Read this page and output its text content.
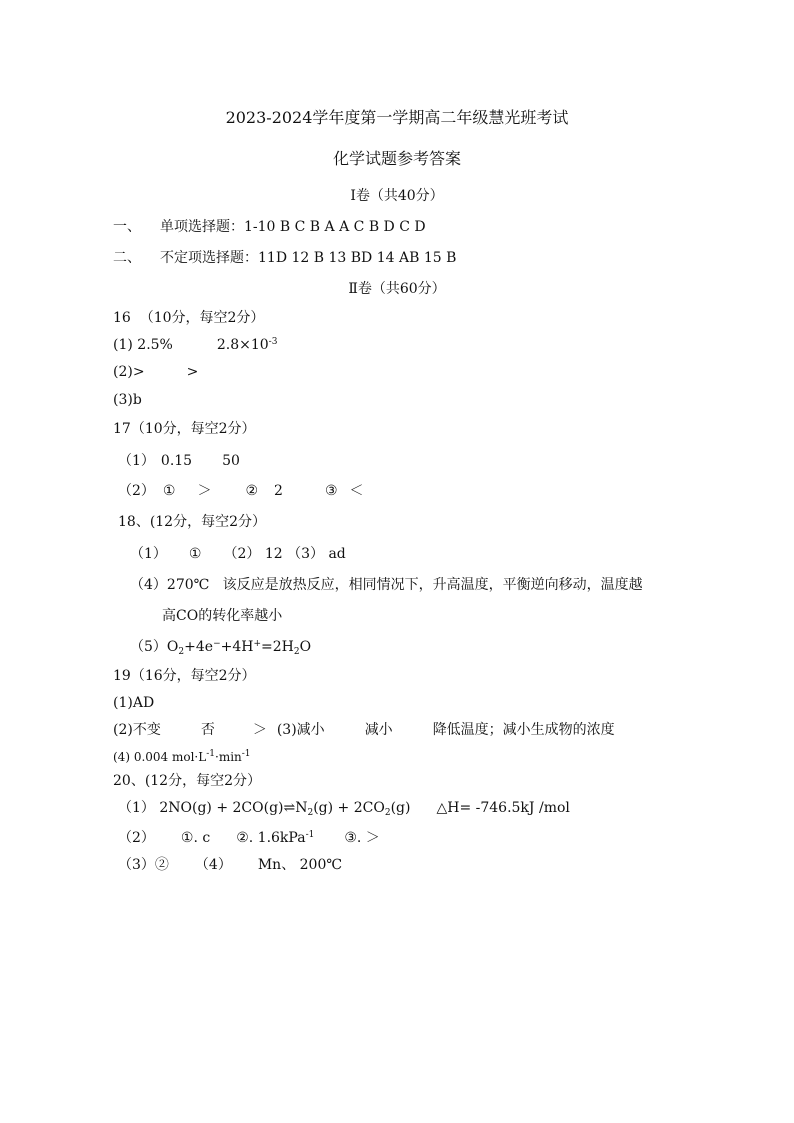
2023-2024学年度第一学期高二年级慧光班考试
化学试题参考答案
Ⅰ卷（共40分）
一、 单项选择题：1-10 B C B A A C B D C D
二、 不定项选择题：11D 12 B 13 BD 14 AB 15 B
Ⅱ卷（共60分）
16  （10分，每空2分）
(1) 2.5%	$2.8\times 10^{-3}$
(2)>	>
(3)b
17（10分，每空2分）
（1） 0.15 50
（2） ① ＞ ② 2	③ ＜
18、(12分，每空2分）
（1） ① （2） 12 （3） ad
（4）270℃   该反应是放热反应，相同情况下，升高温度，平衡逆向移动，温度越
高CO的转化率越小
$(5)O_2+4e^-+4H^+=2H_2O$
19（16分，每空2分）
(1)AD
(2)不变	否	＞ (3)减小	减小	降低温度；减小生成物的浓度
(4) 0.004 $mol\cdot L^{-1}\cdot\min^{-1}$
20、(12分，每空2分）
（1） $2NO(g) + 2CO(g)\rightleftharpoons N_2(g) + 2CO_2(g)$ △H= -746.5kJ /mol
（2） ①. c ②. 1.6kPa$^{-1}$ ③. ＞
（3）② （4） Mn、 200℃
